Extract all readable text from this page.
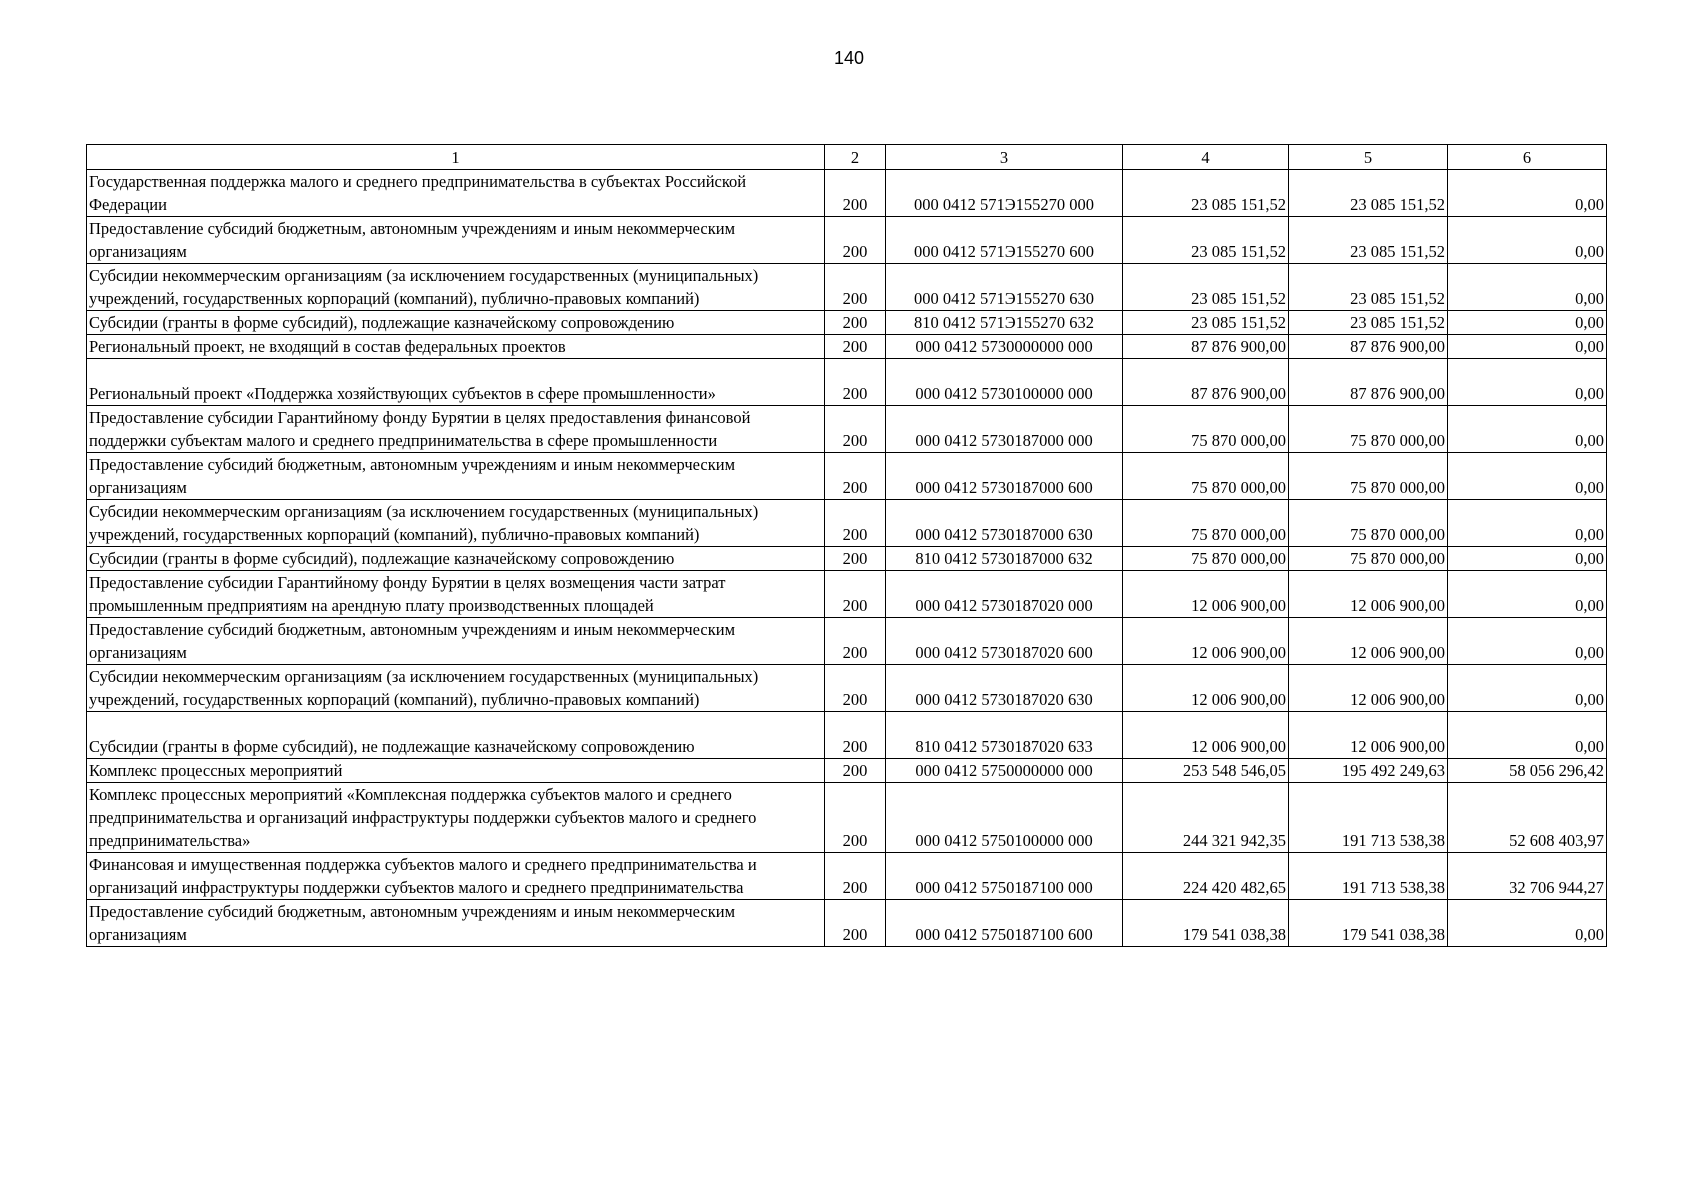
140
1	2	3	4	5	6
Государственная поддержка малого и среднего предпринимательства в субъектах Российской Федерации	200	000 0412 571Э155270 000	23 085 151,52	23 085 151,52	0,00
Предоставление субсидий бюджетным, автономным учреждениям и иным некоммерческим организациям	200	000 0412 571Э155270 600	23 085 151,52	23 085 151,52	0,00
Субсидии некоммерческим организациям (за исключением государственных (муниципальных) учреждений, государственных корпораций (компаний), публично-правовых компаний)	200	000 0412 571Э155270 630	23 085 151,52	23 085 151,52	0,00
Субсидии (гранты в форме субсидий), подлежащие казначейскому сопровождению	200	810 0412 571Э155270 632	23 085 151,52	23 085 151,52	0,00
Региональный проект, не входящий в состав федеральных проектов	200	000 0412 5730000000 000	87 876 900,00	87 876 900,00	0,00
Региональный проект «Поддержка хозяйствующих субъектов в сфере промышленности»	200	000 0412 5730100000 000	87 876 900,00	87 876 900,00	0,00
Предоставление субсидии Гарантийному фонду Бурятии в целях предоставления финансовой поддержки субъектам малого и среднего предпринимательства в сфере промышленности	200	000 0412 5730187000 000	75 870 000,00	75 870 000,00	0,00
Предоставление субсидий бюджетным, автономным учреждениям и иным некоммерческим организациям	200	000 0412 5730187000 600	75 870 000,00	75 870 000,00	0,00
Субсидии некоммерческим организациям (за исключением государственных (муниципальных) учреждений, государственных корпораций (компаний), публично-правовых компаний)	200	000 0412 5730187000 630	75 870 000,00	75 870 000,00	0,00
Субсидии (гранты в форме субсидий), подлежащие казначейскому сопровождению	200	810 0412 5730187000 632	75 870 000,00	75 870 000,00	0,00
Предоставление субсидии Гарантийному фонду Бурятии в целях возмещения части затрат промышленным предприятиям на арендную плату производственных площадей	200	000 0412 5730187020 000	12 006 900,00	12 006 900,00	0,00
Предоставление субсидий бюджетным, автономным учреждениям и иным некоммерческим организациям	200	000 0412 5730187020 600	12 006 900,00	12 006 900,00	0,00
Субсидии некоммерческим организациям (за исключением государственных (муниципальных) учреждений, государственных корпораций (компаний), публично-правовых компаний)	200	000 0412 5730187020 630	12 006 900,00	12 006 900,00	0,00
Субсидии (гранты в форме субсидий), не подлежащие казначейскому сопровождению	200	810 0412 5730187020 633	12 006 900,00	12 006 900,00	0,00
Комплекс процессных мероприятий	200	000 0412 5750000000 000	253 548 546,05	195 492 249,63	58 056 296,42
Комплекс процессных мероприятий «Комплексная поддержка субъектов малого и среднего предпринимательства и организаций инфраструктуры поддержки субъектов малого и среднего предпринимательства»	200	000 0412 5750100000 000	244 321 942,35	191 713 538,38	52 608 403,97
Финансовая и имущественная поддержка субъектов малого и среднего предпринимательства и организаций инфраструктуры поддержки субъектов малого и среднего предпринимательства	200	000 0412 5750187100 000	224 420 482,65	191 713 538,38	32 706 944,27
Предоставление субсидий бюджетным, автономным учреждениям и иным некоммерческим организациям	200	000 0412 5750187100 600	179 541 038,38	179 541 038,38	0,00
